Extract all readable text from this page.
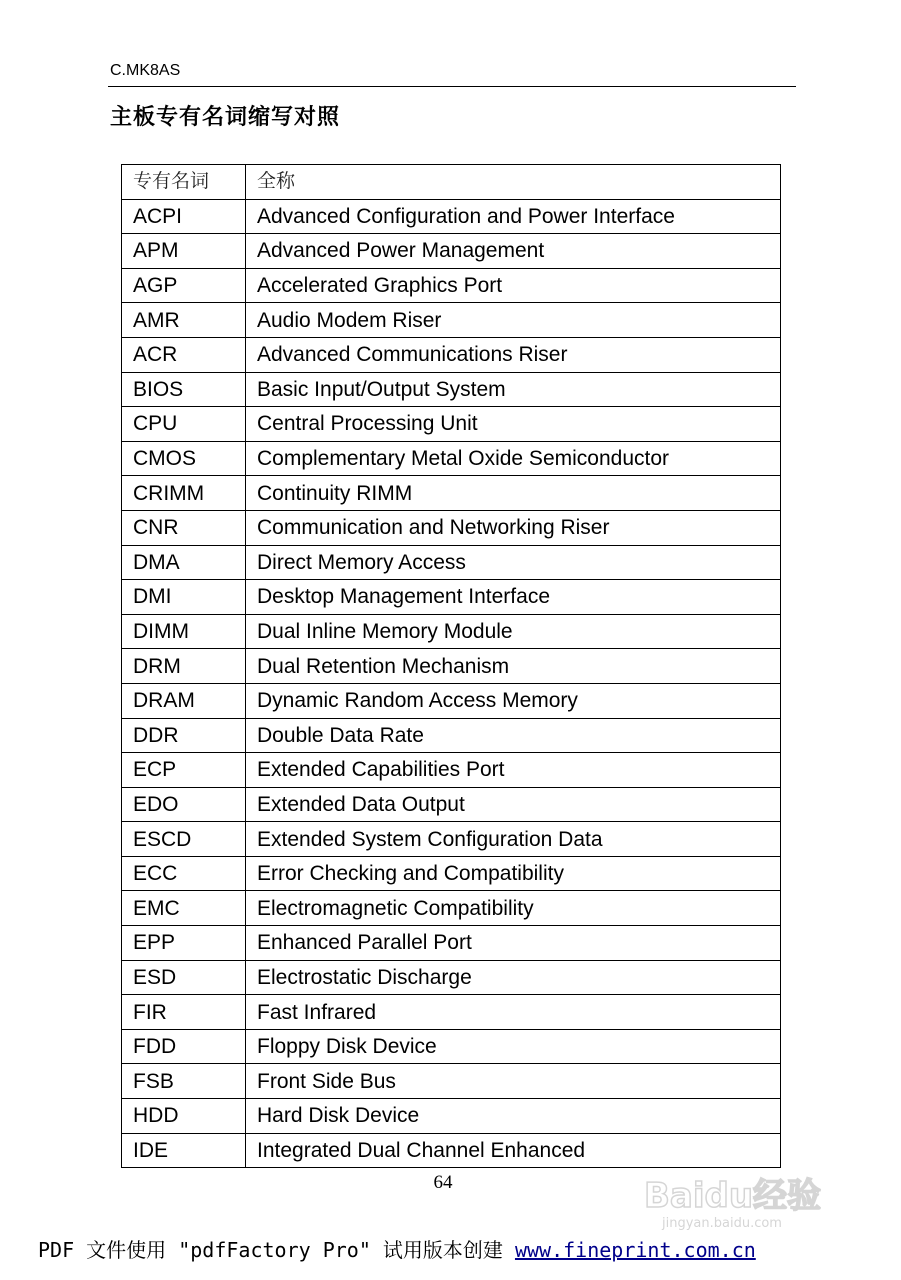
C.MK8AS
主板专有名词缩写对照
专有名词	全称
ACPI	Advanced Configuration and Power Interface
APM	Advanced Power Management
AGP	Accelerated Graphics Port
AMR	Audio Modem Riser
ACR	Advanced Communications Riser
BIOS	Basic Input/Output System
CPU	Central Processing Unit
CMOS	Complementary Metal Oxide Semiconductor
CRIMM	Continuity RIMM
CNR	Communication and Networking Riser
DMA	Direct Memory Access
DMI	Desktop Management Interface
DIMM	Dual Inline Memory Module
DRM	Dual Retention Mechanism
DRAM	Dynamic Random Access Memory
DDR	Double Data Rate
ECP	Extended Capabilities Port
EDO	Extended Data Output
ESCD	Extended System Configuration Data
ECC	Error Checking and Compatibility
EMC	Electromagnetic Compatibility
EPP	Enhanced Parallel Port
ESD	Electrostatic Discharge
FIR	Fast Infrared
FDD	Floppy Disk Device
FSB	Front Side Bus
HDD	Hard Disk Device
IDE	Integrated Dual Channel Enhanced
64
PDF 文件使用 "pdfFactory Pro" 试用版本创建 www.fineprint.com.cn
Baidu经验
jingyan.baidu.com
